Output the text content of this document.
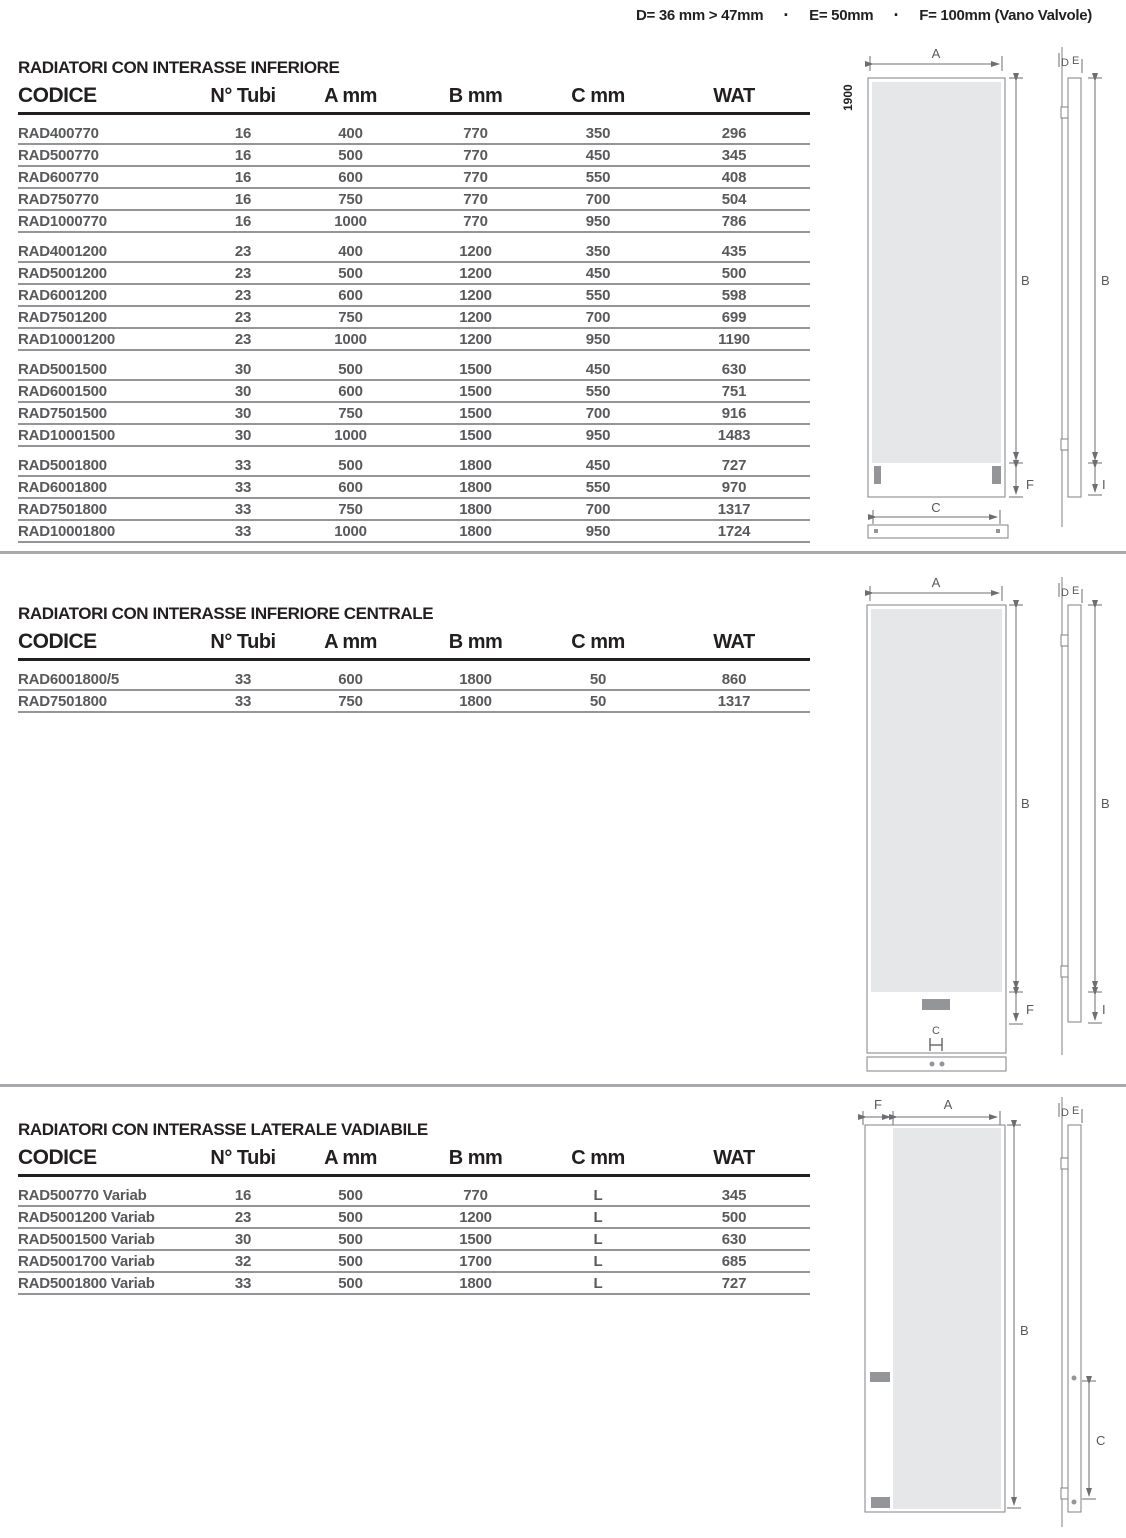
D= 36 mm > 47mm · E= 50mm · F= 100mm (Vano Valvole)
RADIATORI CON INTERASSE INFERIORE
CODICE	N° Tubi	A mm	B mm	C mm	WAT
RAD400770	16	400	770	350	296
RAD500770	16	500	770	450	345
RAD600770	16	600	770	550	408
RAD750770	16	750	770	700	504
RAD1000770	16	1000	770	950	786
RAD4001200	23	400	1200	350	435
RAD5001200	23	500	1200	450	500
RAD6001200	23	600	1200	550	598
RAD7501200	23	750	1200	700	699
RAD10001200	23	1000	1200	950	1190
RAD5001500	30	500	1500	450	630
RAD6001500	30	600	1500	550	751
RAD7501500	30	750	1500	700	916
RAD10001500	30	1000	1500	950	1483
RAD5001800	33	500	1800	450	727
RAD6001800	33	600	1800	550	970
RAD7501800	33	750	1800	700	1317
RAD10001800	33	1000	1800	950	1724
A
1900
B
F
C
D E
B
I
RADIATORI CON INTERASSE INFERIORE CENTRALE
CODICE	N° Tubi	A mm	B mm	C mm	WAT
RAD6001800/5	33	600	1800	50	860
RAD7501800	33	750	1800	50	1317
A
B
F
C
D E
B
I
RADIATORI CON INTERASSE LATERALE VADIABILE
CODICE	N° Tubi	A mm	B mm	C mm	WAT
RAD500770 Variab	16	500	770	L	345
RAD5001200 Variab	23	500	1200	L	500
RAD5001500 Variab	30	500	1500	L	630
RAD5001700 Variab	32	500	1700	L	685
RAD5001800 Variab	33	500	1800	L	727
F	A
B
D E
C
